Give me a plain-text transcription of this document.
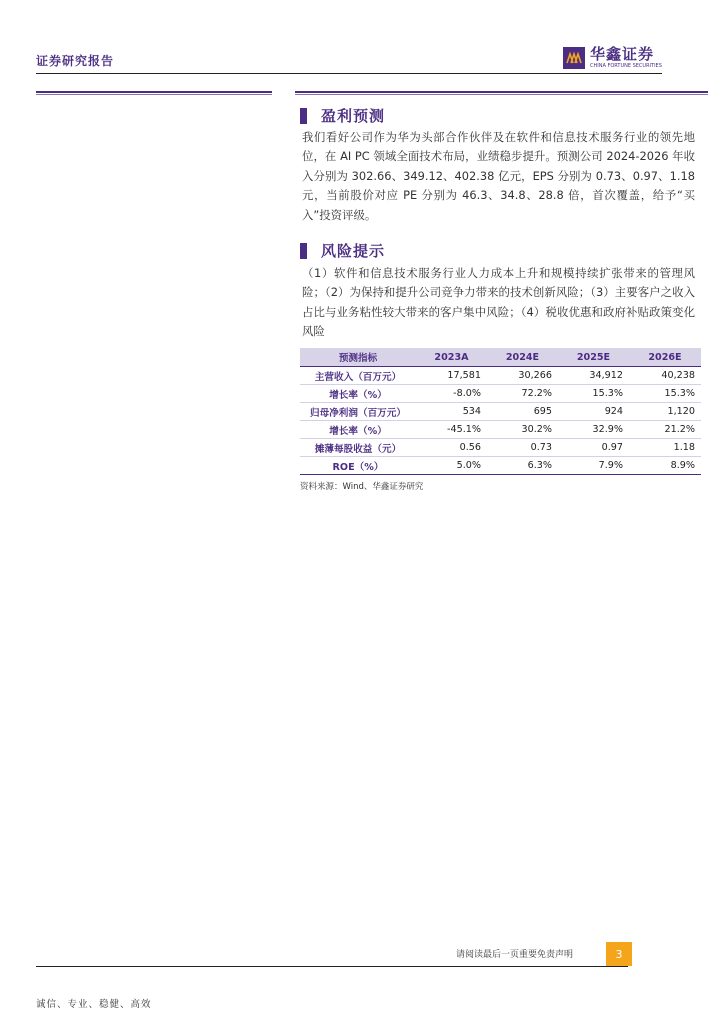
证券研究报告	华鑫证券
CHINA FORTUNE SECURITIES
盈利预测

我们看好公司作为华为头部合作伙伴及在软件和信息技术服务行业的领先地位，在 AI PC 领域全面技术布局，业绩稳步提升。预测公司 2024-2026 年收入分别为 302.66、349.12、402.38 亿元，EPS 分别为 0.73、0.97、1.18 元，当前股价对应 PE 分别为 46.3、34.8、28.8 倍，首次覆盖，给予“买入”投资评级。

风险提示

（1）软件和信息技术服务行业人力成本上升和规模持续扩张带来的管理风险；（2）为保持和提升公司竞争力带来的技术创新风险；（3）主要客户之收入占比与业务粘性较大带来的客户集中风险；（4）税收优惠和政府补贴政策变化风险

预测指标	2023A	2024E	2025E	2026E
主营收入（百万元）	17,581	30,266	34,912	40,238
增长率（%）	-8.0%	72.2%	15.3%	15.3%
归母净利润（百万元）	534	695	924	1,120
增长率（%）	-45.1%	30.2%	32.9%	21.2%
摊薄每股收益（元）	0.56	0.73	0.97	1.18
ROE（%）	5.0%	6.3%	7.9%	8.9%
资料来源：Wind、华鑫证券研究
请阅读最后一页重要免责声明	3
诚信、专业、稳健、高效
